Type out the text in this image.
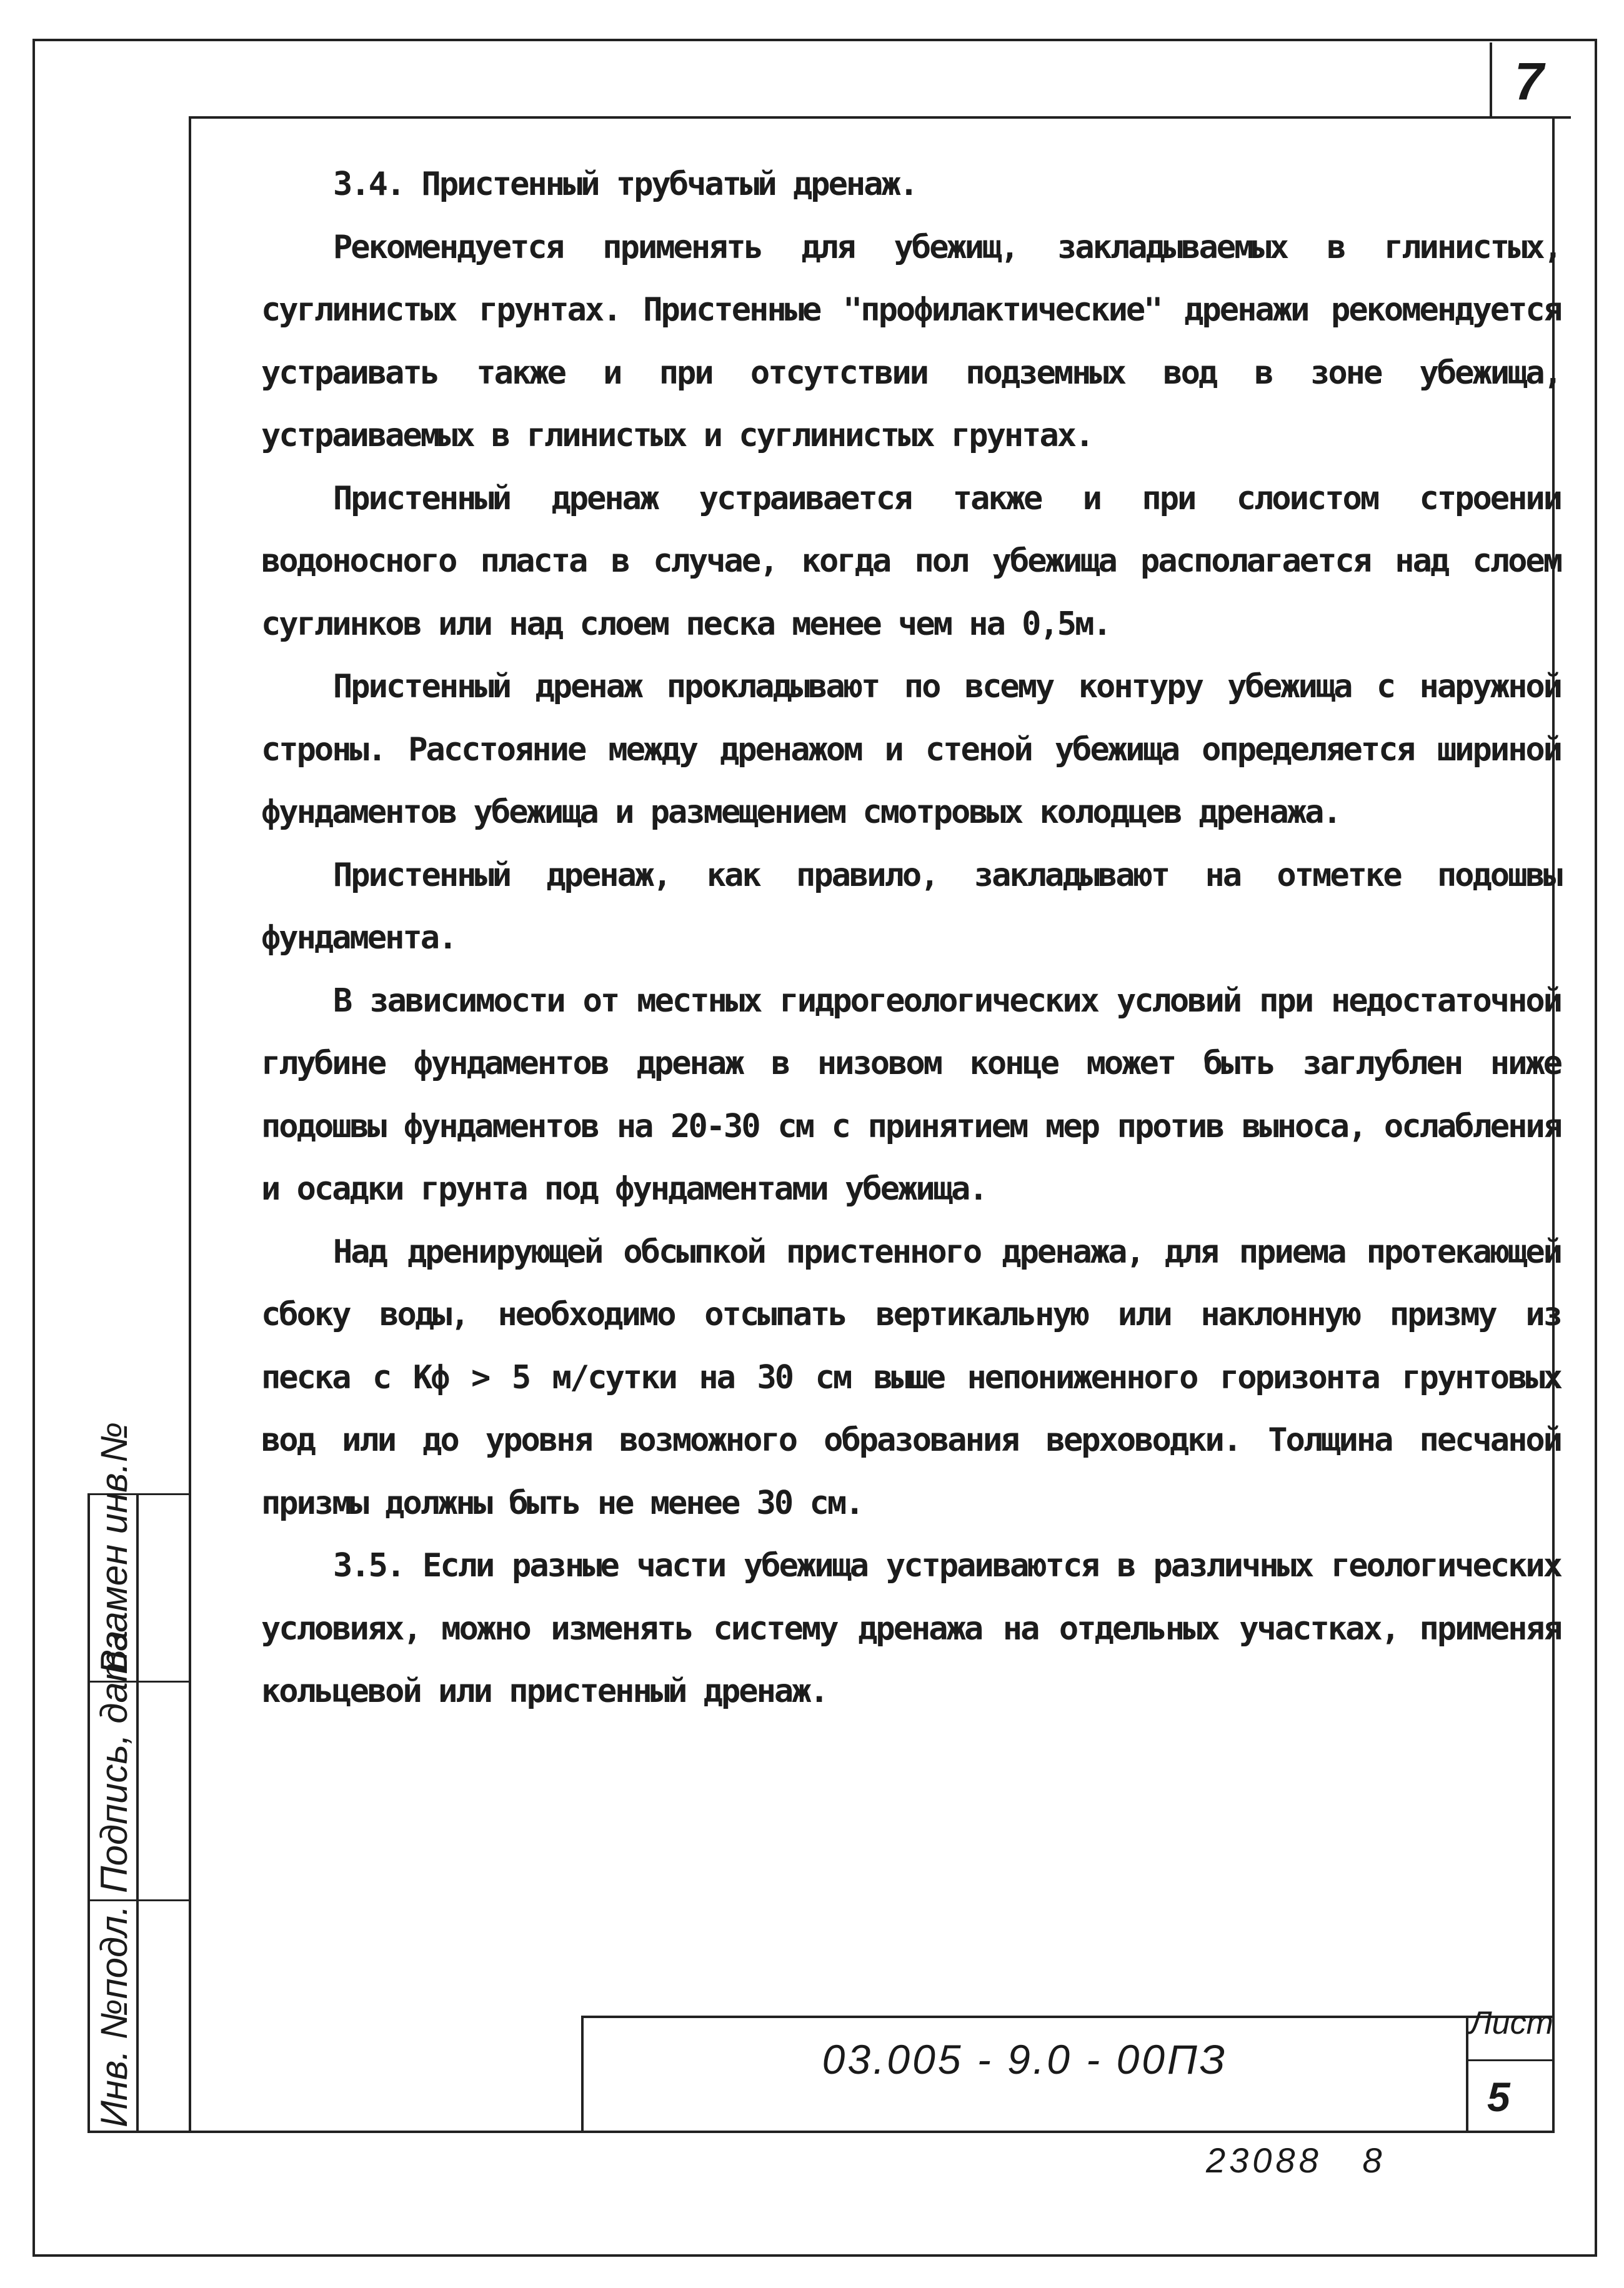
7
Инв. №подл.
Подпись, дата
Взамен инв.№

3.4. Пристенный трубчатый дренаж.

Рекомендуется применять для убежищ, закладываемых в глинистых, суглинистых грунтах. Пристенные "профилактические" дренажи рекомендуется устраивать также и при отсутствии подземных вод в зоне убежища, устраиваемых в глинистых и суглинистых грунтах.

Пристенный дренаж устраивается также и при слоистом строении водоносного пласта в случае, когда пол убежища располагается над слоем суглинков или над слоем песка менее чем на 0,5м.

Пристенный дренаж прокладывают по всему контуру убежища с наружной строны. Расстояние между дренажом и стеной убежища определяется шириной фундаментов убежища и размещением смотровых колодцев дренажа.

Пристенный дренаж, как правило, закладывают на отметке подошвы фундамента.

В зависимости от местных гидрогеологических условий при недостаточной глубине фундаментов дренаж в низовом конце может быть заглублен ниже подошвы фундаментов на 20-30 см с принятием мер против выноса, ослабления и осадки грунта под фундаментами убежища.

Над дренирующей обсыпкой пристенного дренажа, для приема протекающей сбоку воды, необходимо отсыпать вертикальную или наклонную призму из песка с Кф > 5 м/сутки на 30 см выше непониженного горизонта грунтовых вод или до уровня возможного образования верховодки. Толщина песчаной призмы должны быть не менее 30 см.

3.5. Если разные части убежища устраиваются в различных геологических условиях, можно изменять систему дренажа на отдельных участках, применяя кольцевой или пристенный дренаж.

03.005 - 9.0 - 00ПЗ
Лист
5
23088   8
